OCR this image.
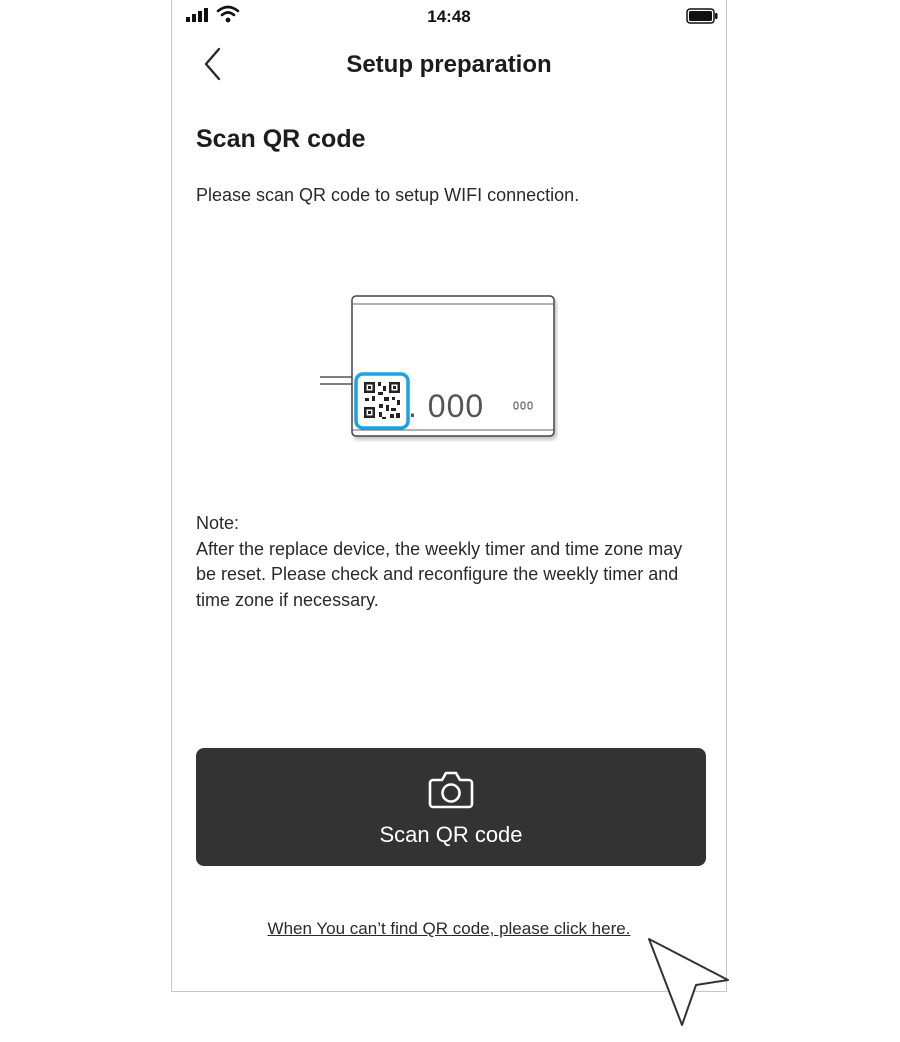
14:48
Setup preparation
Scan QR code
Please scan QR code to setup WIFI connection.
. 000
Note:
After the replace device, the weekly timer and time zone may be reset. Please check and reconfigure the weekly timer and time zone if necessary.
Scan QR code
When You can’t find QR code, please click here.
